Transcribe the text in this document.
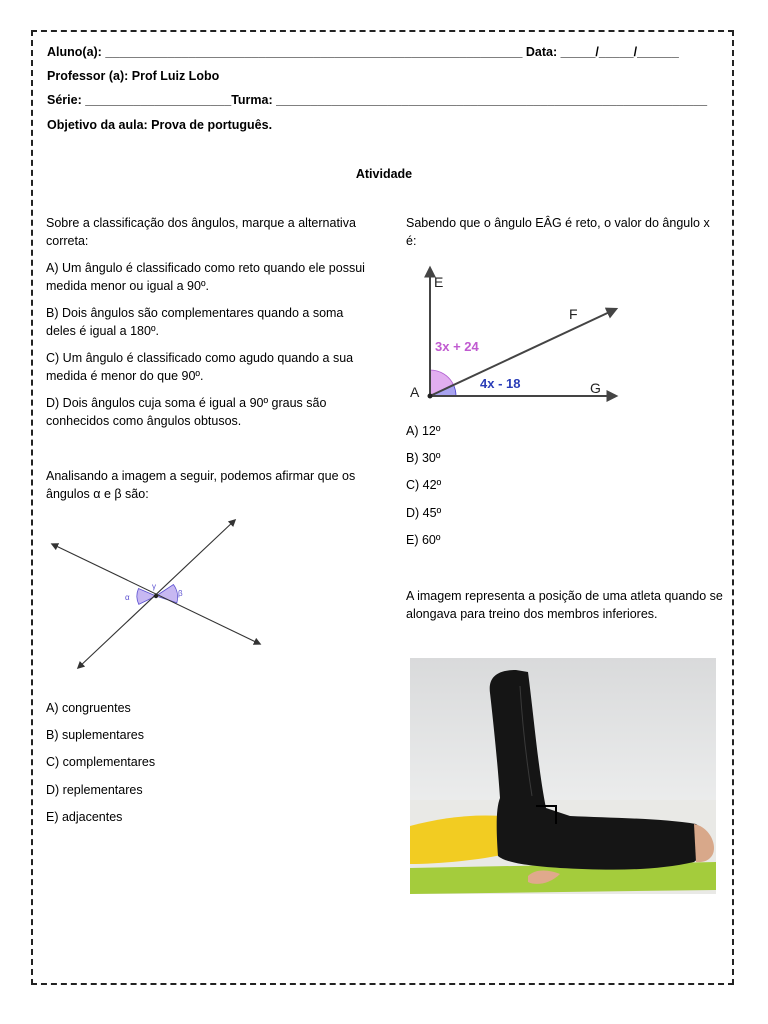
Aluno(a): ____________________________________________________________ Data: _____/_____/______
Professor (a): Prof Luiz Lobo
Série: _____________________Turma: ______________________________________________________________
Objetivo da aula: Prova de português.
Atividade

Sobre a classificação dos ângulos, marque a alternativa correta:

A) Um ângulo é classificado como reto quando ele possui medida menor ou igual a 90º.

B) Dois ângulos são complementares quando a soma deles é igual a 180º.

C) Um ângulo é classificado como agudo quando a sua medida é menor do que 90º.

D) Dois ângulos cuja soma é igual a 90º graus são conhecidos como ângulos obtusos.

Analisando a imagem a seguir, podemos afirmar que os ângulos α e β são:
α
γ
β
A) congruentes
B) suplementares
C) complementares
D) replementares
E) adjacentes
Sabendo que o ângulo EÂG é reto, o valor do ângulo x é:
E
F
A	G
3x + 24
4x - 18
A) 12º
B) 30º
C) 42º
D) 45º
E) 60º
A imagem representa a posição de uma atleta quando se alongava para treino dos membros inferiores.
